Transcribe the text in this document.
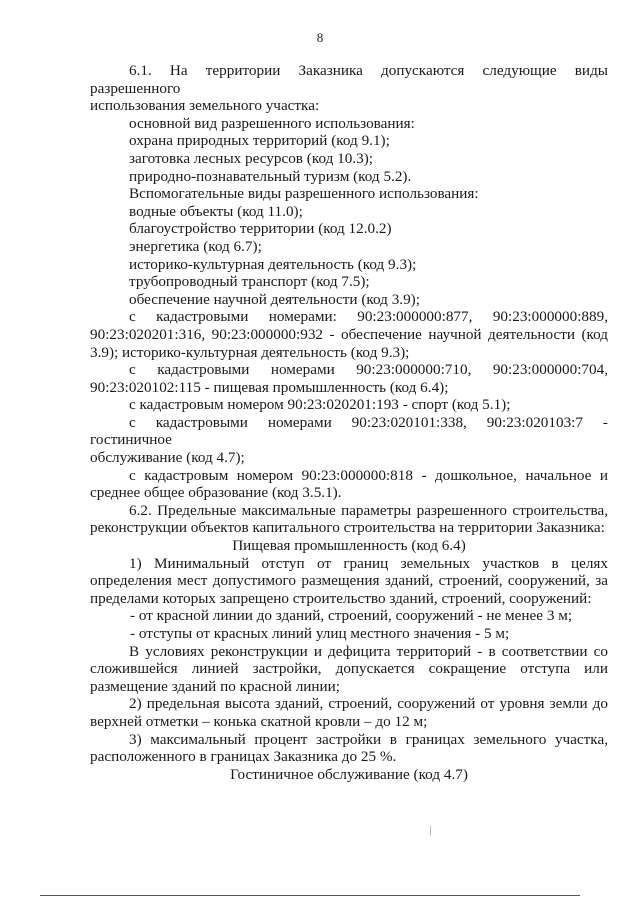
8

6.1. На территории Заказника допускаются следующие виды разрешенного

использования земельного участка:

основной вид разрешенного использования:

охрана природных территорий (код 9.1);

заготовка лесных ресурсов (код 10.3);

природно-познавательный туризм (код 5.2).

Вспомогательные виды разрешенного использования:

водные объекты (код 11.0);

благоустройство территории (код 12.0.2)

энергетика (код 6.7);

историко-культурная деятельность (код 9.3);

трубопроводный транспорт (код 7.5);

обеспечение научной деятельности (код 3.9);

с кадастровыми номерами: 90:23:000000:877, 90:23:000000:889,

90:23:020201:316, 90:23:000000:932 - обеспечение научной деятельности (код

3.9); историко-культурная деятельность (код 9.3);

с кадастровыми номерами 90:23:000000:710, 90:23:000000:704,

90:23:020102:115 - пищевая промышленность (код 6.4);

с кадастровым номером 90:23:020201:193 - спорт (код 5.1);

с кадастровыми номерами 90:23:020101:338, 90:23:020103:7 - гостиничное

обслуживание (код 4.7);

с кадастровым номером 90:23:000000:818 - дошкольное, начальное и

среднее общее образование (код 3.5.1).

6.2. Предельные максимальные параметры разрешенного строительства,

реконструкции объектов капитального строительства на территории Заказника:

Пищевая промышленность (код 6.4)

1) Минимальный отступ от границ земельных участков в целях

определения мест допустимого размещения зданий, строений, сооружений, за

пределами которых запрещено строительство зданий, строений, сооружений:

- от красной линии до зданий, строений, сооружений - не менее 3 м;

- отступы от красных линий улиц местного значения - 5 м;

В условиях реконструкции и дефицита территорий - в соответствии со

сложившейся линией застройки, допускается сокращение отступа или

размещение зданий по красной линии;

2) предельная высота зданий, строений, сооружений от уровня земли до

верхней отметки – конька скатной кровли – до 12 м;

3) максимальный процент застройки в границах земельного участка,

расположенного в границах Заказника до 25 %.

Гостиничное обслуживание (код 4.7)
